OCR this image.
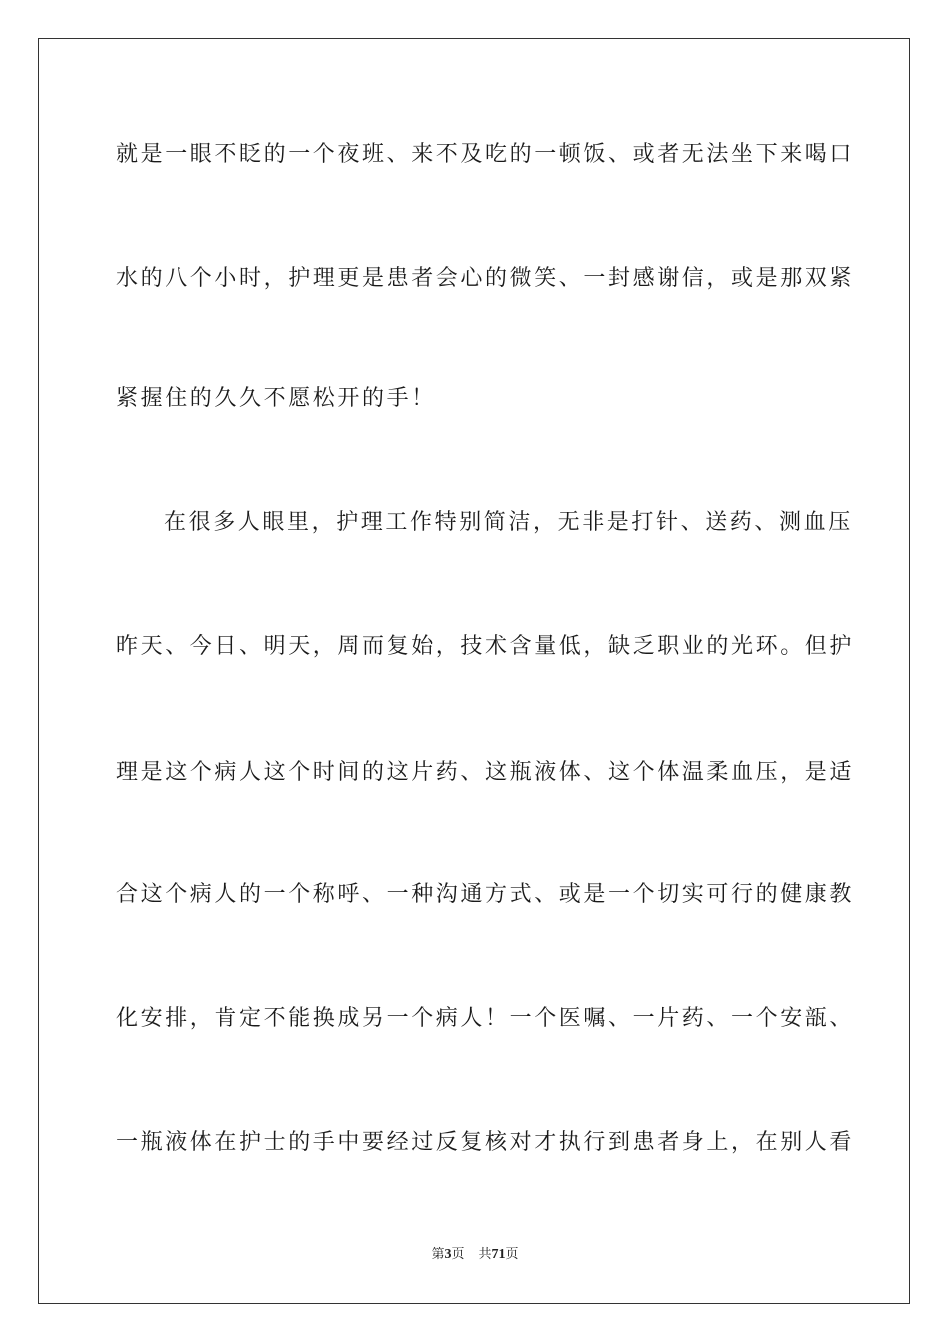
就是一眼不眨的一个夜班、来不及吃的一顿饭、或者无法坐下来喝口
水的八个小时，护理更是患者会心的微笑、一封感谢信，或是那双紧
紧握住的久久不愿松开的手！
在很多人眼里，护理工作特别简洁，无非是打针、送药、测血压
昨天、今日、明天，周而复始，技术含量低，缺乏职业的光环。但护
理是这个病人这个时间的这片药、这瓶液体、这个体温柔血压，是适
合这个病人的一个称呼、一种沟通方式、或是一个切实可行的健康教
化安排，肯定不能换成另一个病人！一个医嘱、一片药、一个安瓿、
一瓶液体在护士的手中要经过反复核对才执行到患者身上，在别人看
第3页 共71页
